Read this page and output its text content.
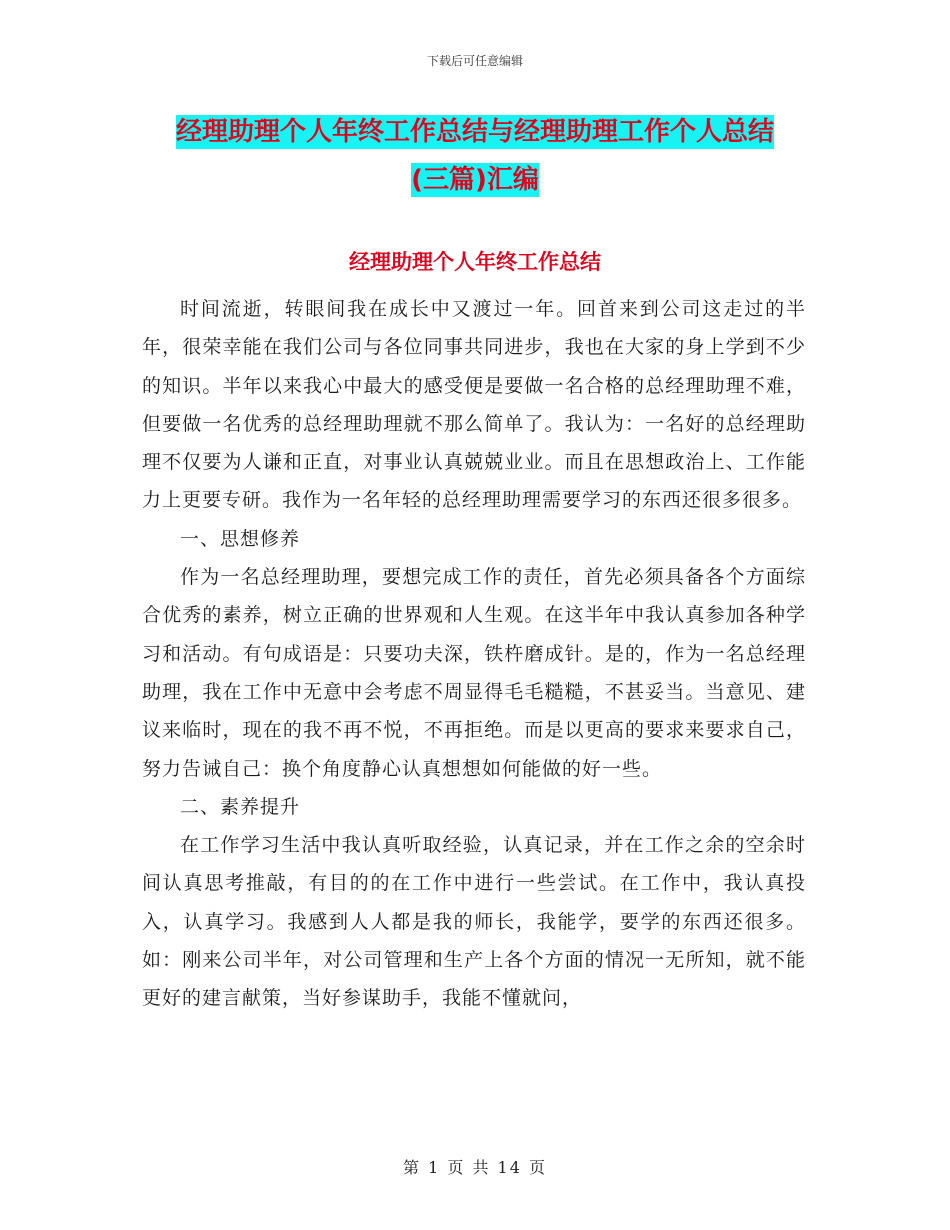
下载后可任意编辑
经理助理个人年终工作总结与经理助理工作个人总结
(三篇)汇编
经理助理个人年终工作总结

时间流逝，转眼间我在成长中又渡过一年。回首来到公司这走过的半年，很荣幸能在我们公司与各位同事共同进步，我也在大家的身上学到不少的知识。半年以来我心中最大的感受便是要做一名合格的总经理助理不难，但要做一名优秀的总经理助理就不那么简单了。我认为：一名好的总经理助理不仅要为人谦和正直，对事业认真兢兢业业。而且在思想政治上、工作能力上更要专研。我作为一名年轻的总经理助理需要学习的东西还很多很多。

一、思想修养

作为一名总经理助理，要想完成工作的责任，首先必须具备各个方面综合优秀的素养，树立正确的世界观和人生观。在这半年中我认真参加各种学习和活动。有句成语是：只要功夫深，铁杵磨成针。是的，作为一名总经理助理，我在工作中无意中会考虑不周显得毛毛糙糙，不甚妥当。当意见、建议来临时，现在的我不再不悦，不再拒绝。而是以更高的要求来要求自己，努力告诫自己：换个角度静心认真想想如何能做的好一些。

二、素养提升

在工作学习生活中我认真听取经验，认真记录，并在工作之余的空余时间认真思考推敲，有目的的在工作中进行一些尝试。在工作中，我认真投入，认真学习。我感到人人都是我的师长，我能学，要学的东西还很多。如：刚来公司半年，对公司管理和生产上各个方面的情况一无所知，就不能更好的建言献策，当好参谋助手，我能不懂就问，

第 1 页 共 14 页
